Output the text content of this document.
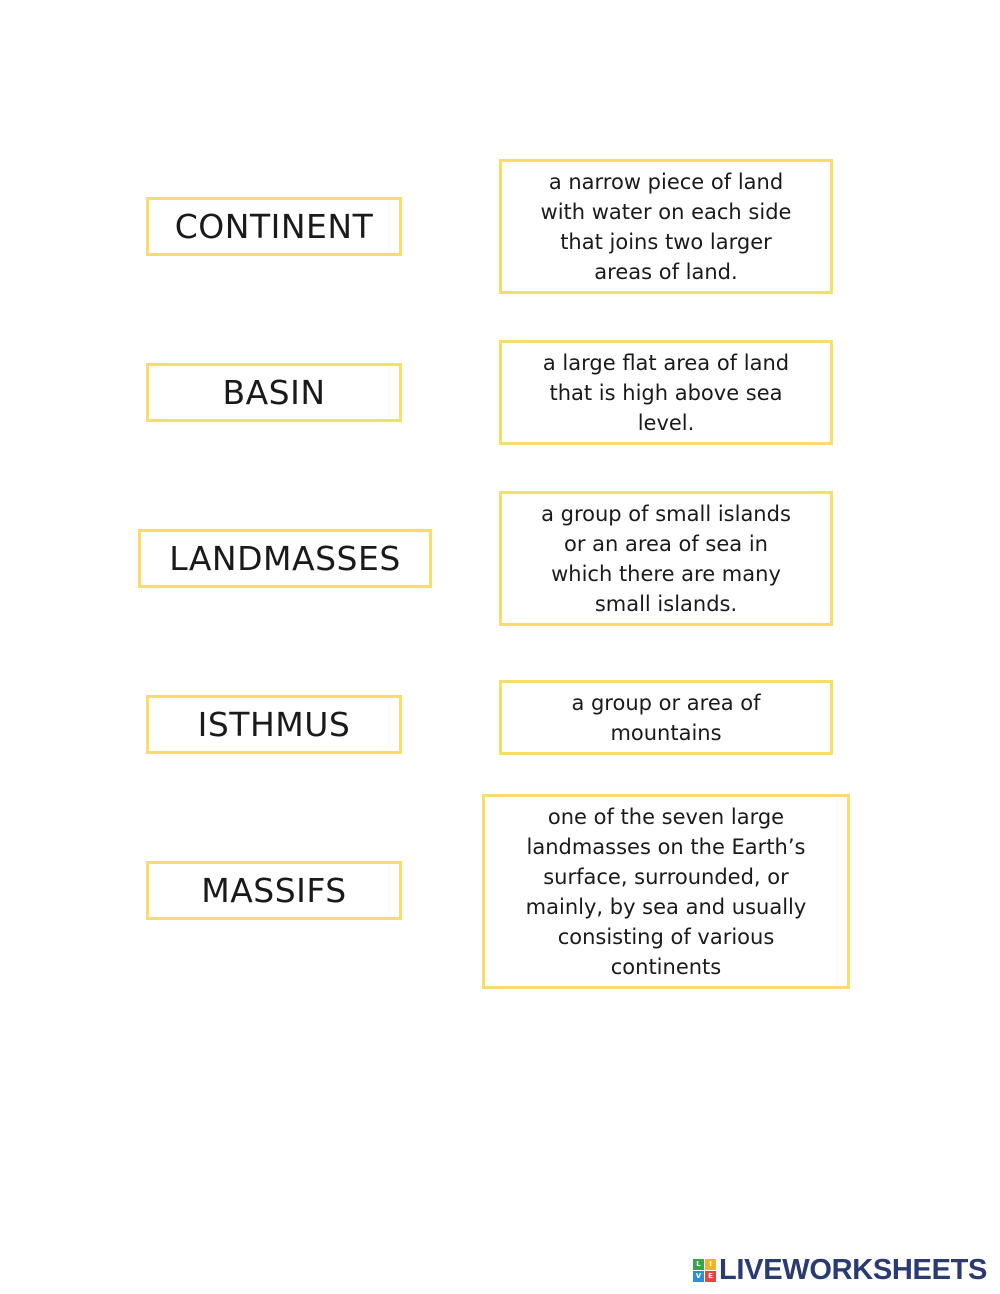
CONTINENT
BASIN
LANDMASSES
ISTHMUS
MASSIFS
a narrow piece of land
with water on each side
that joins two larger
areas of land.
a large flat area of land
that is high above sea
level.
a group of small islands
or an area of sea in
which there are many
small islands.
a group or area of
mountains
one of the seven large
landmasses on the Earth’s
surface, surrounded, or
mainly, by sea and usually
consisting of various
continents
L	I
V E LIVEWORKSHEETS
